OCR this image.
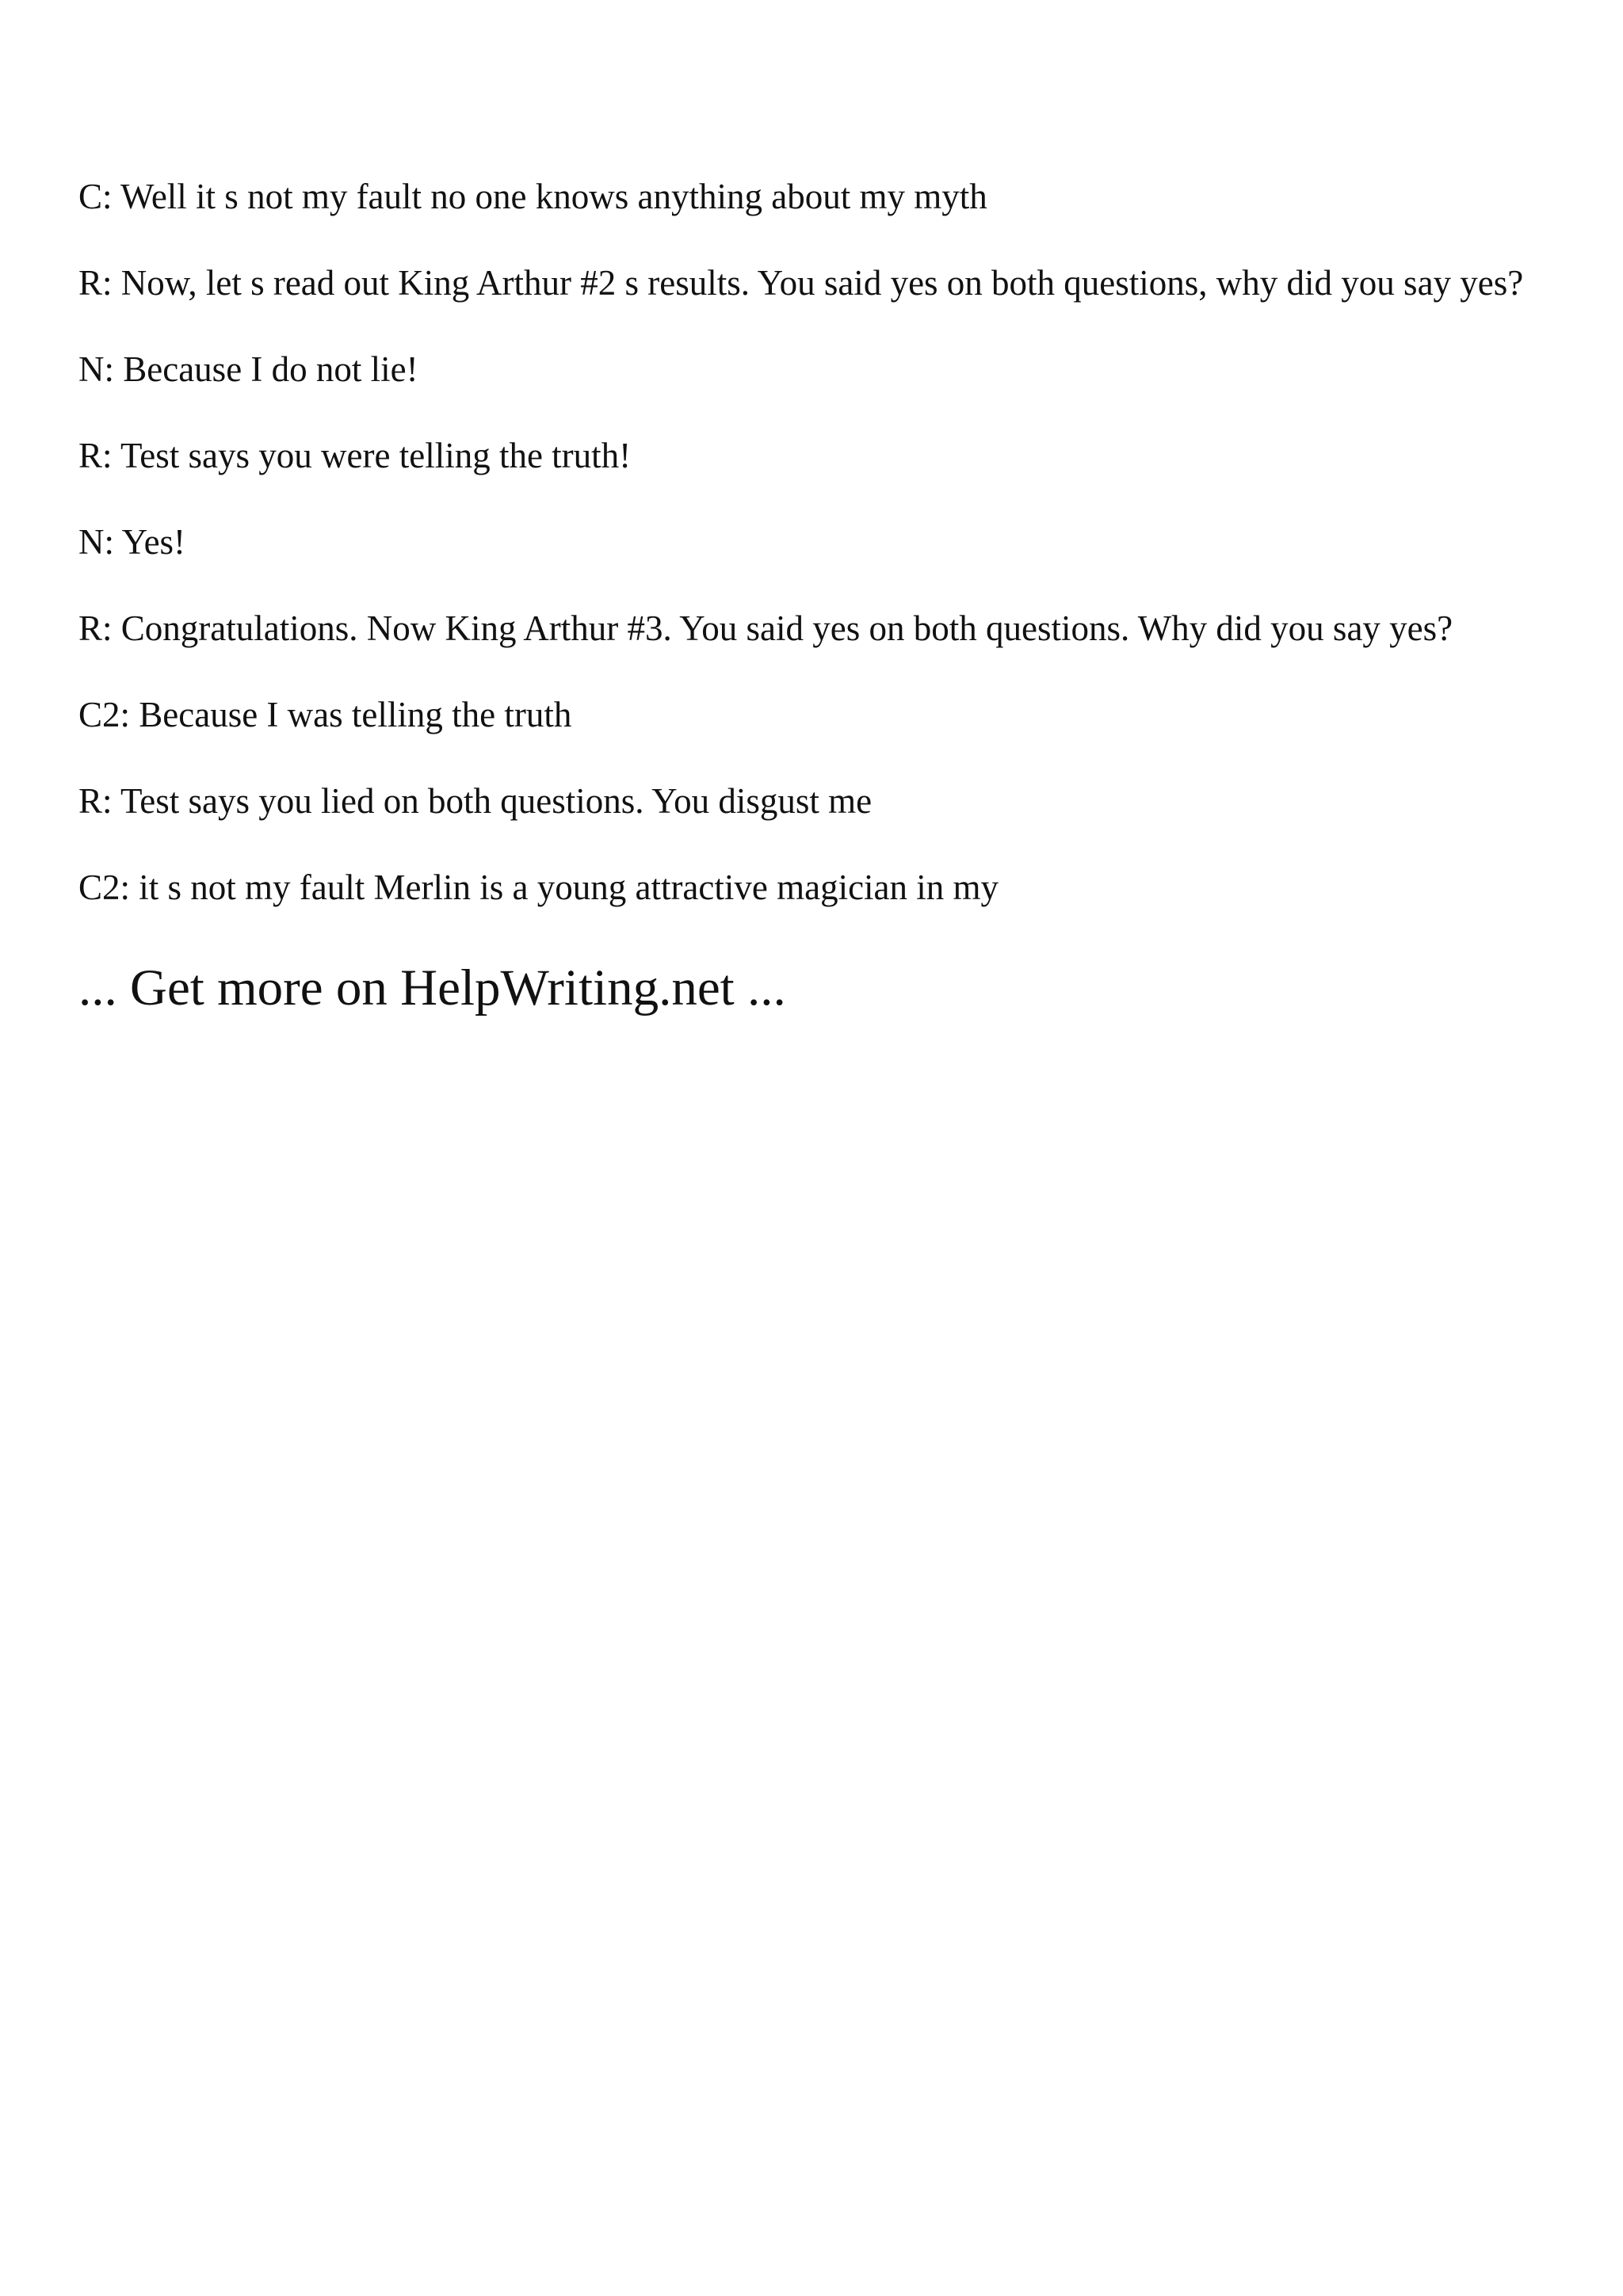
C: Well it s not my fault no one knows anything about my myth

R: Now, let s read out King Arthur #2 s results. You said yes on both questions, why did you say yes?

N: Because I do not lie!

R: Test says you were telling the truth!

N: Yes!

R: Congratulations. Now King Arthur #3. You said yes on both questions. Why did you say yes?

C2: Because I was telling the truth

R: Test says you lied on both questions. You disgust me

C2: it s not my fault Merlin is a young attractive magician in my

... Get more on HelpWriting.net ...
